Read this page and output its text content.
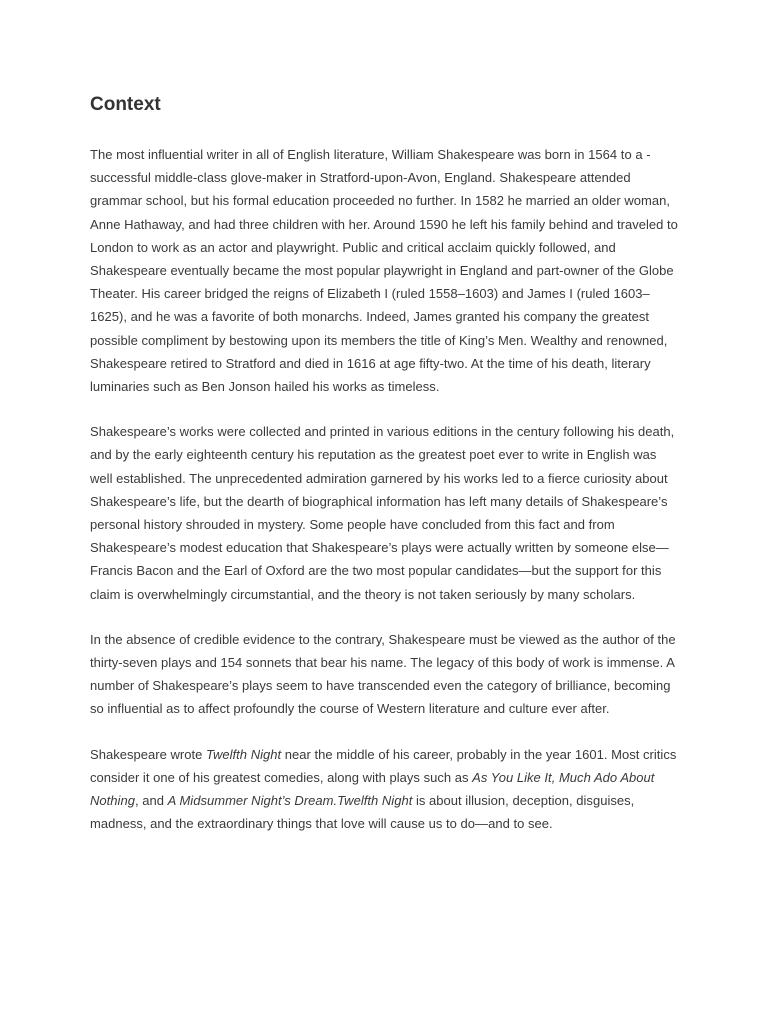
Context

The most influential writer in all of English literature, William Shakespeare was born in 1564 to a -successful middle-class glove-maker in Stratford-upon-Avon, England. Shakespeare attended grammar school, but his formal education proceeded no further. In 1582 he married an older woman, Anne Hathaway, and had three children with her. Around 1590 he left his family behind and traveled to London to work as an actor and playwright. Public and critical acclaim quickly followed, and Shakespeare eventually became the most popular playwright in England and part-owner of the Globe Theater. His career bridged the reigns of Elizabeth I (ruled 1558–1603) and James I (ruled 1603–1625), and he was a favorite of both monarchs. Indeed, James granted his company the greatest possible compliment by bestowing upon its members the title of King’s Men. Wealthy and renowned, Shakespeare retired to Stratford and died in 1616 at age fifty-two. At the time of his death, literary luminaries such as Ben Jonson hailed his works as timeless.

Shakespeare’s works were collected and printed in various editions in the century following his death, and by the early eighteenth century his reputation as the greatest poet ever to write in English was well established. The unprecedented admiration garnered by his works led to a fierce curiosity about Shakespeare’s life, but the dearth of biographical information has left many details of Shakespeare’s personal history shrouded in mystery. Some people have concluded from this fact and from Shakespeare’s modest education that Shakespeare’s plays were actually written by someone else—Francis Bacon and the Earl of Oxford are the two most popular candidates—but the support for this claim is overwhelmingly circumstantial, and the theory is not taken seriously by many scholars.

In the absence of credible evidence to the contrary, Shakespeare must be viewed as the author of the thirty-seven plays and 154 sonnets that bear his name. The legacy of this body of work is immense. A number of Shakespeare’s plays seem to have transcended even the category of brilliance, becoming so influential as to affect profoundly the course of Western literature and culture ever after.

Shakespeare wrote Twelfth Night near the middle of his career, probably in the year 1601. Most critics consider it one of his greatest comedies, along with plays such as As You Like It, Much Ado About Nothing, and A Midsummer Night’s Dream.Twelfth Night is about illusion, deception, disguises, madness, and the extraordinary things that love will cause us to do—and to see.
